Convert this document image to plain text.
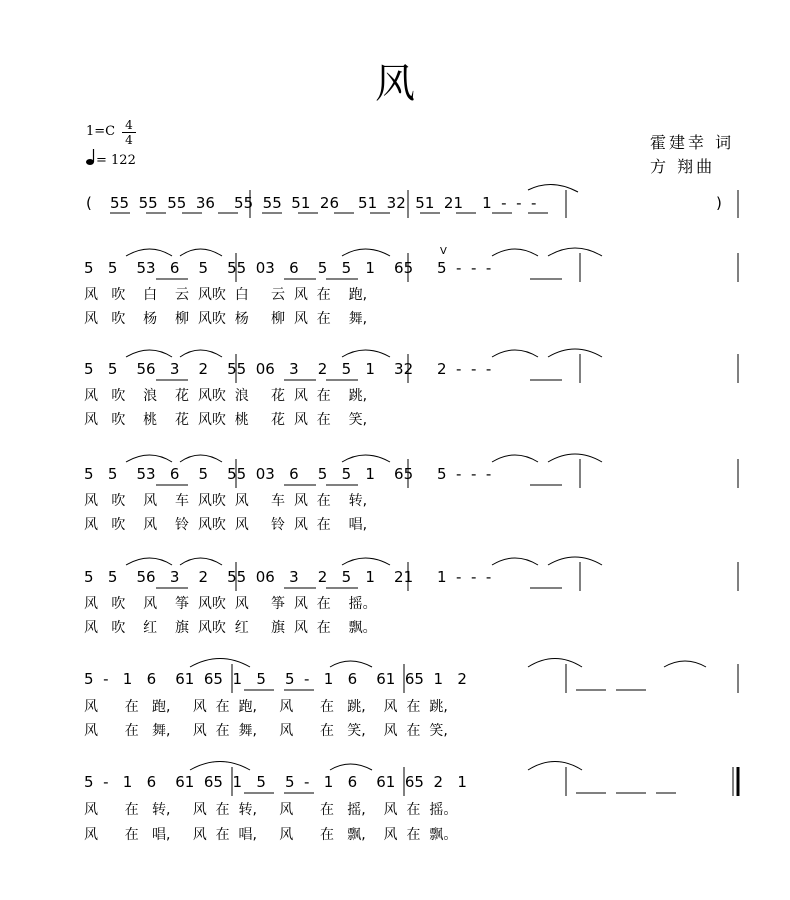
风
$1=C \frac{4}{4}$
= 122
霍建幸 词
方 翔曲
( 55  55  55  36    55  55  51  26    51  32  51  21    1  -  -  -	)
5   5    53   6    5    55  03   6    5   5   1    65     5  -  -  -
风   吹    白    云  风吹  白     云  风  在    跑,
风   吹    杨    柳  风吹  杨     柳  风  在    舞,
5   5    56   3    2    55  06   3    2   5   1    32     2  -  -  -
风   吹    浪    花  风吹  浪     花  风  在    跳,
风   吹    桃    花  风吹  桃     花  风  在    笑,
5   5    53   6    5    55  03   6    5   5   1    65     5  -  -  -
风   吹    风    车  风吹  风     车  风  在    转,
风   吹    风    铃  风吹  风     铃  风  在    唱,
5   5    56   3    2    55  06   3    2   5   1    21     1  -  -  -
风   吹    风    筝  风吹  风     筝  风  在    摇。
风   吹    红    旗  风吹  红     旗  风  在    飘。
5  -   1   6    61  65  1   5    5  -   1   6    61  65  1   2
风      在   跑,     风  在  跑,     风      在   跳,    风  在  跳,
风      在   舞,     风  在  舞,     风      在   笑,    风  在  笑,
5  -   1   6    61  65  1   5    5  -   1   6    61  65  2   1
风      在   转,     风  在  转,     风      在   摇,    风  在  摇。
风      在   唱,     风  在  唱,     风      在   飘,    风  在  飘。
V
